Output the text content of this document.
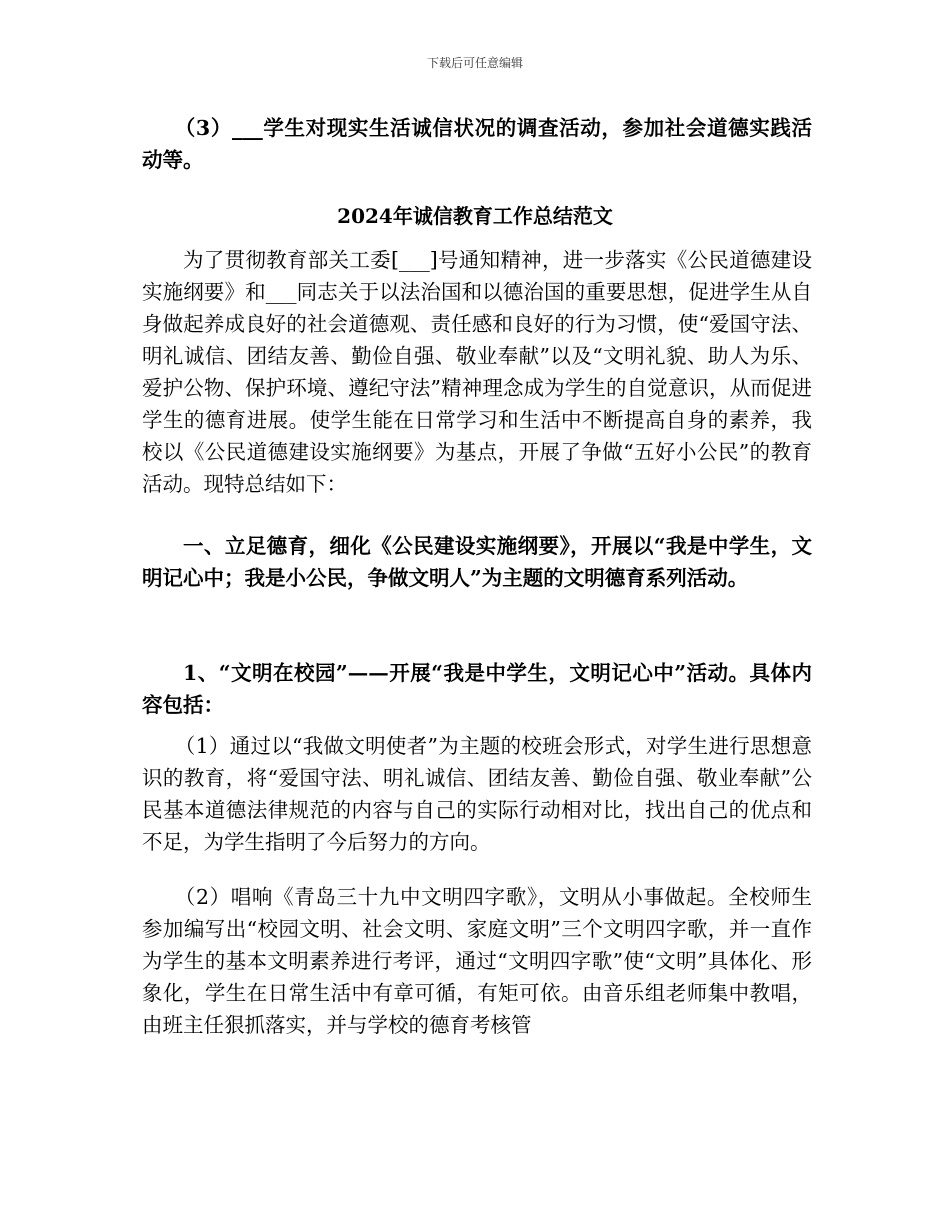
下载后可任意编辑

（3）___学生对现实生活诚信状况的调查活动，参加社会道德实践活动等。

2024年诚信教育工作总结范文

为了贯彻教育部关工委[___]号通知精神，进一步落实《公民道德建设实施纲要》和___同志关于以法治国和以德治国的重要思想，促进学生从自身做起养成良好的社会道德观、责任感和良好的行为习惯，使“爱国守法、明礼诚信、团结友善、勤俭自强、敬业奉献”以及“文明礼貌、助人为乐、爱护公物、保护环境、遵纪守法”精神理念成为学生的自觉意识，从而促进学生的德育进展。使学生能在日常学习和生活中不断提高自身的素养，我校以《公民道德建设实施纲要》为基点，开展了争做“五好小公民”的教育活动。现特总结如下：

一、立足德育，细化《公民建设实施纲要》，开展以“我是中学生，文明记心中；我是小公民，争做文明人”为主题的文明德育系列活动。

1、“文明在校园”——开展“我是中学生，文明记心中”活动。具体内容包括：

（1）通过以“我做文明使者”为主题的校班会形式，对学生进行思想意识的教育，将“爱国守法、明礼诚信、团结友善、勤俭自强、敬业奉献”公民基本道德法律规范的内容与自己的实际行动相对比，找出自己的优点和不足，为学生指明了今后努力的方向。

（2）唱响《青岛三十九中文明四字歌》，文明从小事做起。全校师生参加编写出“校园文明、社会文明、家庭文明”三个文明四字歌，并一直作为学生的基本文明素养进行考评，通过“文明四字歌”使“文明”具体化、形象化，学生在日常生活中有章可循，有矩可依。由音乐组老师集中教唱，由班主任狠抓落实，并与学校的德育考核管
